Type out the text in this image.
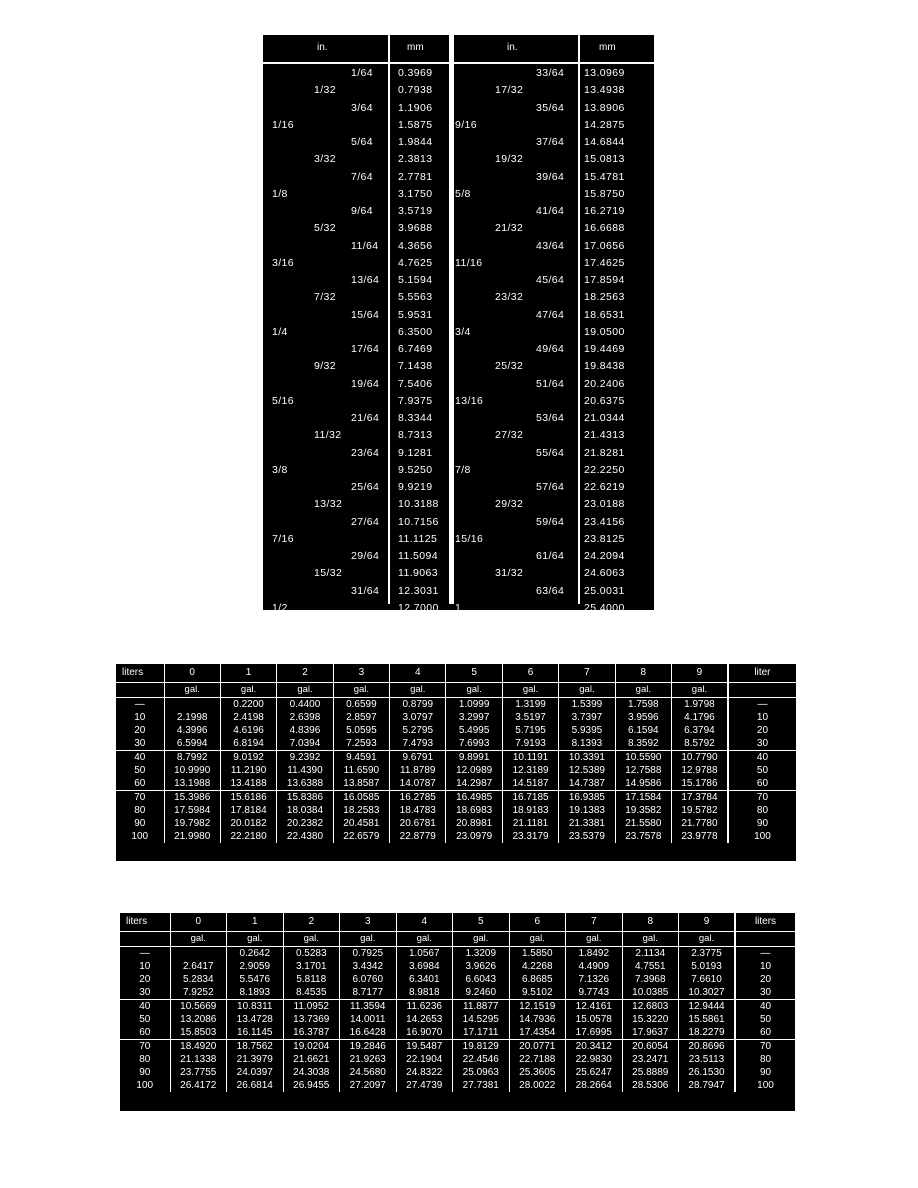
in.	mm	in.	mm
1/64 0.3969	33/64 13.0969
1/32	0.7938	17/32	13.4938
3/64 1.1906	35/64 13.8906
1/16	1.5875 9/16	14.2875
5/64 1.9844	37/64 14.6844
3/32	2.3813	19/32	15.0813
7/64 2.7781	39/64 15.4781
1/8	3.1750 5/8	15.8750
9/64 3.5719	41/64 16.2719
5/32	3.9688	21/32	16.6688
11/64 4.3656	43/64 17.0656
3/16	4.7625 11/16	17.4625
13/64 5.1594	45/64 17.8594
7/32	5.5563	23/32	18.2563
15/64 5.9531	47/64 18.6531
1/4	6.3500 3/4	19.0500
17/64 6.7469	49/64 19.4469
9/32	7.1438	25/32	19.8438
19/64 7.5406	51/64 20.2406
5/16	7.9375 13/16	20.6375
21/64 8.3344	53/64 21.0344
11/32	8.7313	27/32	21.4313
23/64 9.1281	55/64 21.8281
3/8	9.5250 7/8	22.2250
25/64 9.9219	57/64 22.6219
13/32	10.3188	29/32	23.0188
27/64 10.7156	59/64 23.4156
7/16	11.1125 15/16	23.8125
29/64 11.5094	61/64 24.2094
15/32	11.9063	31/32	24.6063
31/64 12.3031	63/64 25.0031
1/2	12.7000 1	25.4000
liters	0	1	2	3	4	5	6	7	8	9	liter
	gal.	gal.	gal.	gal.	gal.	gal.	gal.	gal.	gal.	gal.	
—		0.2200	0.4400	0.6599	0.8799	1.0999	1.3199	1.5399	1.7598	1.9798	—
10	2.1998	2.4198	2.6398	2.8597	3.0797	3.2997	3.5197	3.7397	3.9596	4.1796	10
20	4.3996	4.6196	4.8396	5.0595	5.2795	5.4995	5.7195	5.9395	6.1594	6.3794	20
30	6.5994	6.8194	7.0394	7.2593	7.4793	7.6993	7.9193	8.1393	8.3592	8.5792	30
40	8.7992	9.0192	9.2392	9.4591	9.6791	9.8991	10.1191	10.3391	10.5590	10.7790	40
50	10.9990	11.2190	11.4390	11.6590	11.8789	12.0989	12.3189	12.5389	12.7588	12.9788	50
60	13.1988	13.4188	13.6388	13.8587	14.0787	14.2987	14.5187	14.7387	14.9586	15.1786	60
70	15.3986	15.6186	15.8386	16.0585	16.2785	16.4985	16.7185	16.9385	17.1584	17.3784	70
80	17.5984	17.8184	18.0384	18.2583	18.4783	18.6983	18.9183	19.1383	19.3582	19.5782	80
90	19.7982	20.0182	20.2382	20.4581	20.6781	20.8981	21.1181	21.3381	21.5580	21.7780	90
100	21.9980	22.2180	22.4380	22.6579	22.8779	23.0979	23.3179	23.5379	23.7578	23.9778	100
liters	0	1	2	3	4	5	6	7	8	9	liters
	gal.	gal.	gal.	gal.	gal.	gal.	gal.	gal.	gal.	gal.	
—		0.2642	0.5283	0.7925	1.0567	1.3209	1.5850	1.8492	2.1134	2.3775	—
10	2.6417	2.9059	3.1701	3.4342	3.6984	3.9626	4.2268	4.4909	4.7551	5.0193	10
20	5.2834	5.5476	5.8118	6.0760	6.3401	6.6043	6.8685	7.1326	7.3968	7.6610	20
30	7.9252	8.1893	8.4535	8.7177	8.9818	9.2460	9.5102	9.7743	10.0385	10.3027	30
40	10.5669	10.8311	11.0952	11.3594	11.6236	11.8877	12.1519	12.4161	12.6803	12.9444	40
50	13.2086	13.4728	13.7369	14.0011	14.2653	14.5295	14.7936	15.0578	15.3220	15.5861	50
60	15.8503	16.1145	16.3787	16.6428	16.9070	17.1711	17.4354	17.6995	17.9637	18.2279	60
70	18.4920	18.7562	19.0204	19.2846	19.5487	19.8129	20.0771	20.3412	20.6054	20.8696	70
80	21.1338	21.3979	21.6621	21.9263	22.1904	22.4546	22.7188	22.9830	23.2471	23.5113	80
90	23.7755	24.0397	24.3038	24.5680	24.8322	25.0963	25.3605	25.6247	25.8889	26.1530	90
100	26.4172	26.6814	26.9455	27.2097	27.4739	27.7381	28.0022	28.2664	28.5306	28.7947	100
